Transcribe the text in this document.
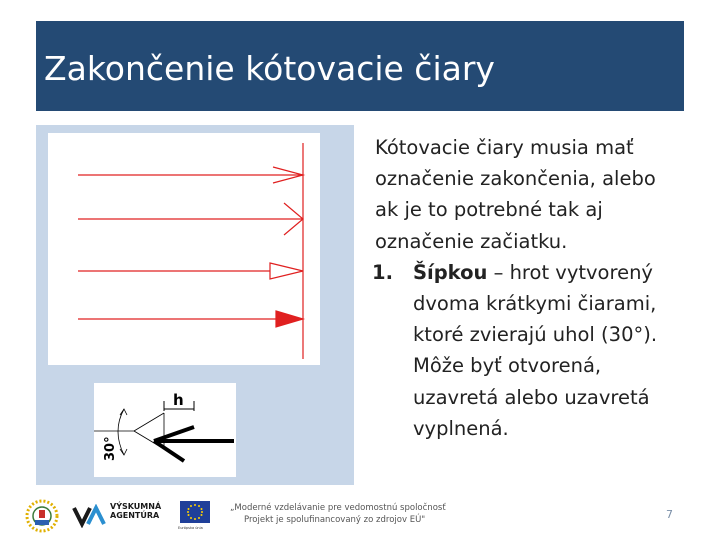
Zakončenie kótovacie čiary
h
30°

Kótovacie čiary musia mať označenie zakončenia, alebo ak je to potrebné tak aj označenie začiatku.

1.	Šípkou – hrot vytvorený dvoma krátkymi čiarami, ktoré zvierajú uhol (30°). Môže byť otvorená, uzavretá alebo uzavretá vyplnená.
VÝSKUMNÁ
AGENTÚRA
Európska únia
„Moderné vzdelávanie pre vedomostnú spoločnosť
Projekt je spolufinancovaný zo zdrojov EÚ"	7
